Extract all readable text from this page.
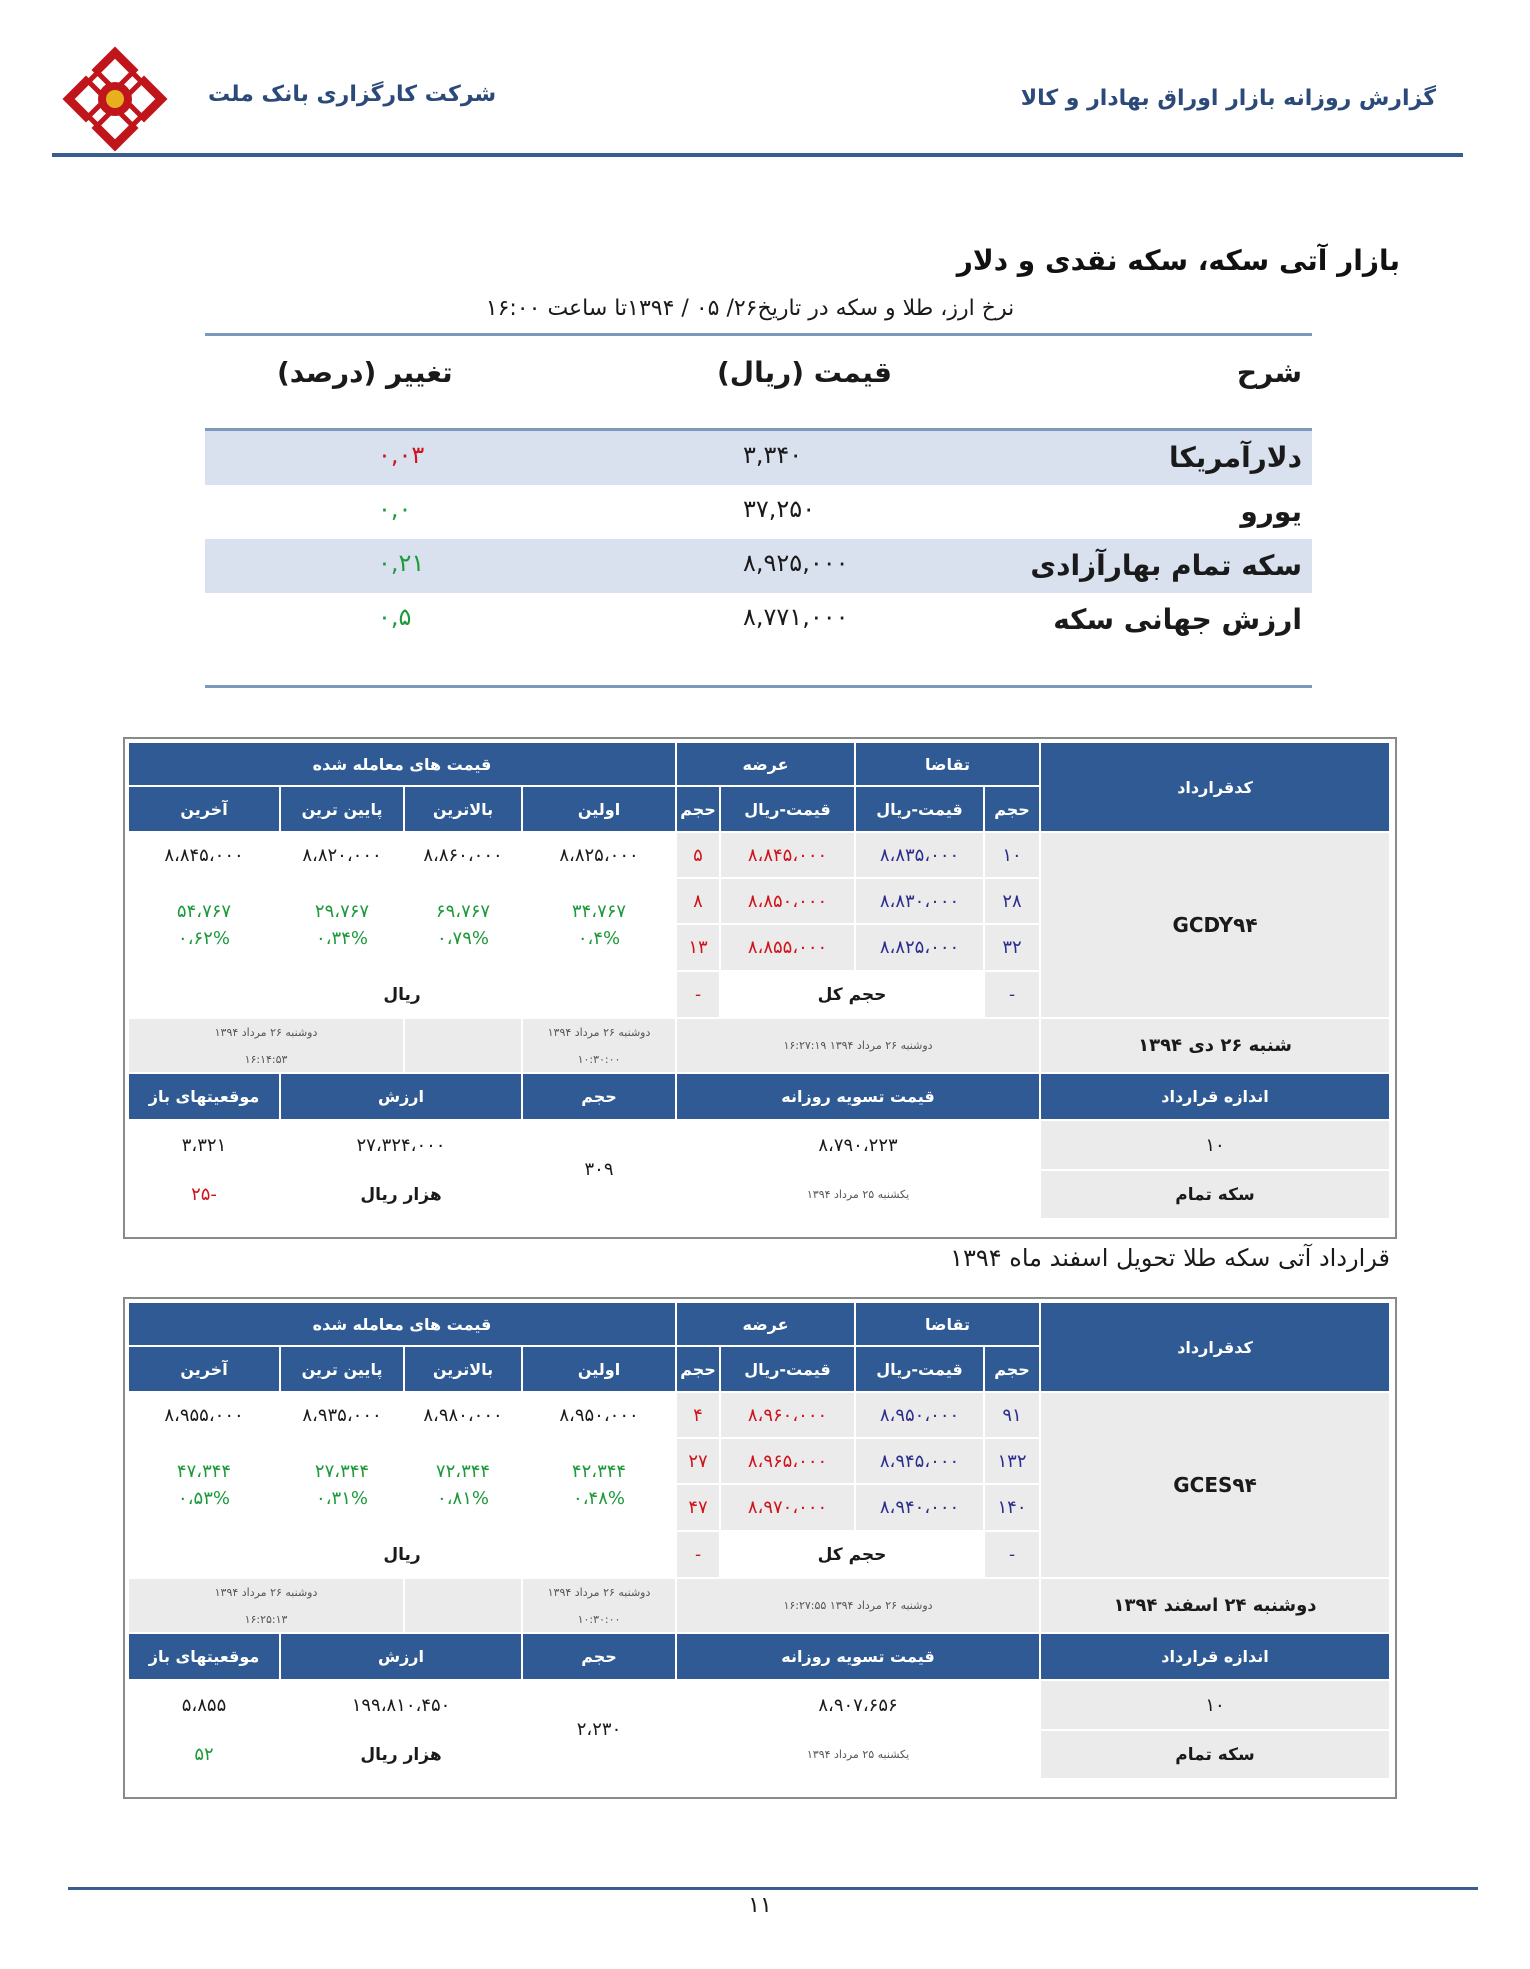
شرکت کارگزاری بانک ملت	گزارش روزانه بازار اوراق بهادار و کالا
بازار آتی سکه، سکه نقدی و دلار
نرخ ارز، طلا و سکه در تاریخ۲۶/ ۰۵ / ۱۳۹۴تا ساعت ۱۶:۰۰
شرح
قیمت (ریال)
تغییر (درصد)
دلارآمریکا
۳,۳۴۰
۰,۰۳
یورو
۳۷,۲۵۰
۰,۰
سکه تمام بهارآزادی
۸,۹۲۵,۰۰۰
۰,۲۱
ارزش جهانی سکه
۸,۷۷۱,۰۰۰
۰,۵
کدقرارداد
تقاضا
عرضه
قیمت های معامله شده
حجم
قیمت-ریال
قیمت-ریال
حجم
اولین
بالاترین
پایین ترین
آخرین
GCDY۹۴
۱۰
۸،۸۳۵،۰۰۰
۸،۸۴۵،۰۰۰
۵
۲۸
۸،۸۳۰،۰۰۰
۸،۸۵۰،۰۰۰
۸
۳۲
۸،۸۲۵،۰۰۰
۸،۸۵۵،۰۰۰
۱۳
۸،۸۲۵،۰۰۰
۸،۸۶۰،۰۰۰
۸،۸۲۰،۰۰۰
۸،۸۴۵،۰۰۰
۳۴،۷۶۷
۰،۴%
۶۹،۷۶۷
۰،۷۹%
۲۹،۷۶۷
۰،۳۴%
۵۴،۷۶۷
۰،۶۲%
-
حجم کل
-
ریال
شنبه ۲۶ دی ۱۳۹۴
دوشنبه ۲۶ مرداد ۱۳۹۴ ۱۶:۲۷:۱۹
دوشنبه ۲۶ مرداد ۱۳۹۴
۱۰:۳۰:۰۰
دوشنبه ۲۶ مرداد ۱۳۹۴
۱۶:۱۴:۵۳
اندازه قرارداد
قیمت تسویه روزانه
حجم
ارزش
موقعیتهای باز
۱۰
سکه تمام
۸،۷۹۰،۲۲۳
یکشنبه ۲۵ مرداد ۱۳۹۴
۳۰۹
۲۷،۳۲۴،۰۰۰
هزار ریال
۳،۳۲۱
-۲۵
قرارداد آتی سکه طلا تحویل اسفند ماه ۱۳۹۴
کدقرارداد
تقاضا
عرضه
قیمت های معامله شده
حجم
قیمت-ریال
قیمت-ریال
حجم
اولین
بالاترین
پایین ترین
آخرین
GCES۹۴
۹۱
۸،۹۵۰،۰۰۰
۸،۹۶۰،۰۰۰
۴
۱۳۲
۸،۹۴۵،۰۰۰
۸،۹۶۵،۰۰۰
۲۷
۱۴۰
۸،۹۴۰،۰۰۰
۸،۹۷۰،۰۰۰
۴۷
۸،۹۵۰،۰۰۰
۸،۹۸۰،۰۰۰
۸،۹۳۵،۰۰۰
۸،۹۵۵،۰۰۰
۴۲،۳۴۴
۰،۴۸%
۷۲،۳۴۴
۰،۸۱%
۲۷،۳۴۴
۰،۳۱%
۴۷،۳۴۴
۰،۵۳%
-
حجم کل
-
ریال
دوشنبه ۲۴ اسفند ۱۳۹۴
دوشنبه ۲۶ مرداد ۱۳۹۴ ۱۶:۲۷:۵۵
دوشنبه ۲۶ مرداد ۱۳۹۴
۱۰:۳۰:۰۰
دوشنبه ۲۶ مرداد ۱۳۹۴
۱۶:۲۵:۱۳
اندازه قرارداد
قیمت تسویه روزانه
حجم
ارزش
موقعیتهای باز
۱۰
سکه تمام
۸،۹۰۷،۶۵۶
یکشنبه ۲۵ مرداد ۱۳۹۴
۲،۲۳۰
۱۹۹،۸۱۰،۴۵۰
هزار ریال
۵،۸۵۵
۵۲
۱۱
